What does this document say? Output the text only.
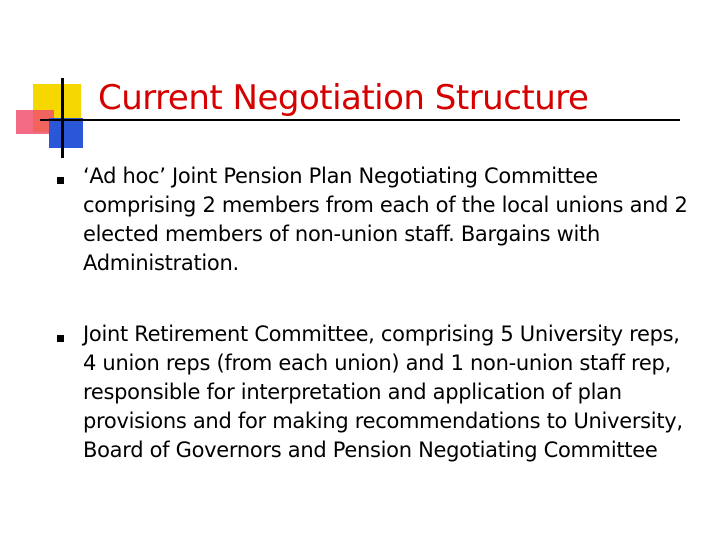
Current Negotiation Structure
‘Ad hoc’ Joint Pension Plan Negotiating Committee comprising 2 members from each of the local unions and 2 elected members of non-union staff. Bargains with Administration.
Joint Retirement Committee, comprising 5 University reps, 4 union reps (from each union) and 1 non-union staff rep, responsible for interpretation and application of plan provisions and for making recommendations to University, Board of Governors and Pension Negotiating Committee
